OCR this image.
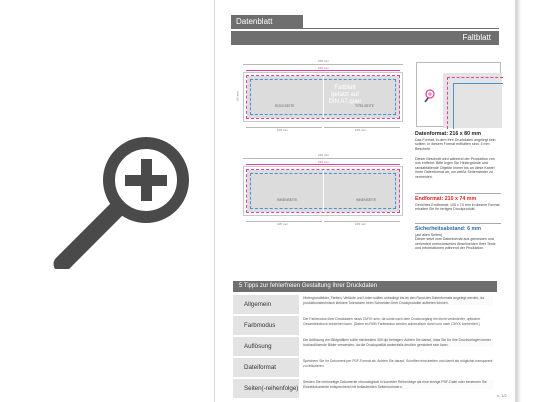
Datenblatt
Faltblatt
216 mm
210 mm
RÜCKSEITE	TITELSEITE
Faltblatt
gefalzt auf
DIN A7 quer
105 mm	105 mm
80 mm
216 mm
210 mm
INNENSEITE	INNENSEITE
105 mm	105 mm
Datenformat: 216 x 80 mm
Das Format, in dem Ihre Druckdaten angelegt sein sollten, in diesem Format enthalten sind: 3 mm Beschnitt.
Dieser Beschnitt wird während der Produktion von uns entfernt. Bitte legen Sie Hintergründe und randabfallende Objekte immer bis an diese Kante! Ihren Datenformat an, um weiße Seitenränder zu vermeiden.
Endformat: 210 x 74 mm
Gerichtes Endformat: 105 x 74 mm in diesem Format erhalten Sie Ihr fertiges Druckprodukt.
Sicherheitsabstand: 6 mm
(auf allen Seiten)
Dieser setzt vom Datenformat aus gemessen und verhindert unerwünschtes Abschneiden Ihrer Texte und Informationen während der Produktion.
5 Tipps zur fehlerfreien Gestaltung Ihrer Druckdaten
Allgemein
Hintergrundbilder, Farben, Verläufe und Linien sollten unbedingt bis an den Rand des Datenformats angelegt werden, da produktionstechnisch kleinere Toleranzen beim Schneiden Ihrer Druckprodukte auftreten können.
Farbmodus
Der Farbmodus Ihrer Druckdaten muss CMYK sein, da sonst nach dem Druckvorgang ein leicht veränderter, optischer Gesamteindruck entstehen kann. (Daten im RGB Farbmodus werden automatisch durch uns nach CMYK konvertiert.)
Auflösung
Die Auflösung von Bildgrafiken sollte mindestens 300 dpi betragen. Achten Sie darauf, dass Sie für Ihre Druckvorlagen immer hochauflösende Bilder verwenden, da die Druckqualität andernfalls deutlich gemindert sein kann.
Dateiformat
Speichern Sie Ihr Dokument per PDF-Format ab. Achten Sie darauf, Schriften einzubetten und damit als möglichst transparent zu reduzieren.
Seiten(-reihenfolge)
Senden Sie mehrseitige Dokumente chronologisch in korrekter Reihenfolge als eine einzige PDF-Datei oder benennen Sie Einzeldokumente entsprechend mit fortlaufenden Seitennummern.
s. 1/2
